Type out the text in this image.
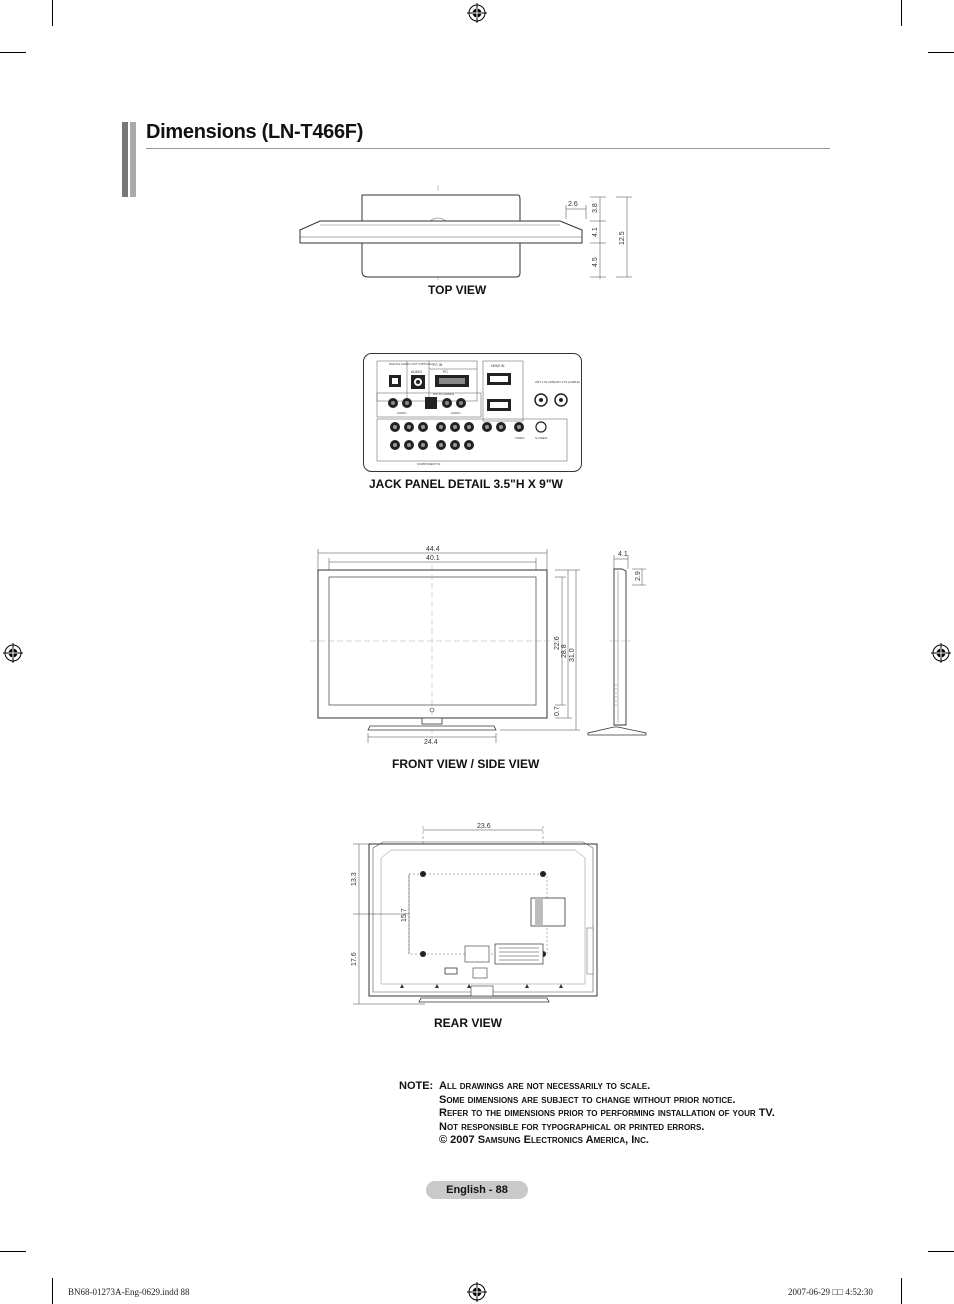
Dimensions (LN-T466F)
2.6 3.8
4.1
4.5
12.5
TOP VIEW
DIGITAL AUDIO OUT (OPTICAL) PC IN
AUDIO	PC
HDMI IN
DVI IN (HDMI1)
ANT 1 IN (AIR) ANT 2 IN (CABLE)
AUDIO	AUDIO
VIDEO	S-VIDEO
COMPONENT IN
JACK PANEL DETAIL 3.5"H X 9"W
44.4
40.1
24.4
22.6
28.8 31.0
0.7
4.1
2.9
FRONT VIEW / SIDE VIEW
23.6
13.3
15.7
17.6
REAR VIEW
NOTE: All drawings are not necessarily to scale.
Some dimensions are subject to change without prior notice.
Refer to the dimensions prior to performing installation of your TV.
Not responsible for typographical or printed errors.
© 2007 Samsung Electronics America, Inc.
English - 88
BN68-01273A-Eng-0629.indd 88	2007-06-29 □□ 4:52:30
